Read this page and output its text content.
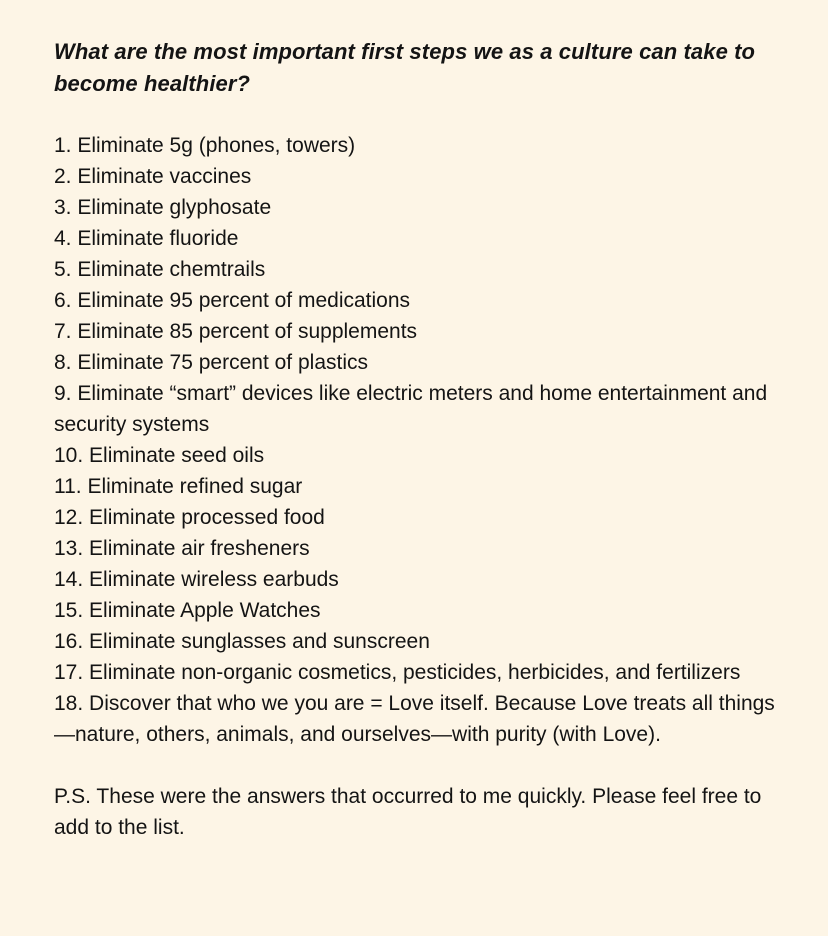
What are the most important first steps we as a culture can take to become healthier?

1. Eliminate 5g (phones, towers)
2. Eliminate vaccines
3. Eliminate glyphosate
4. Eliminate fluoride
5. Eliminate chemtrails
6. Eliminate 95 percent of medications
7. Eliminate 85 percent of supplements
8. Eliminate 75 percent of plastics
9. Eliminate “smart” devices like electric meters and home entertainment and security systems
10. Eliminate seed oils
11. Eliminate refined sugar
12. Eliminate processed food
13. Eliminate air fresheners
14. Eliminate wireless earbuds
15. Eliminate Apple Watches
16. Eliminate sunglasses and sunscreen
17. Eliminate non-organic cosmetics, pesticides, herbicides, and fertilizers
18. Discover that who we you are = Love itself. Because Love treats all things—nature, others, animals, and ourselves—with purity (with Love).

P.S. These were the answers that occurred to me quickly. Please feel free to add to the list.
